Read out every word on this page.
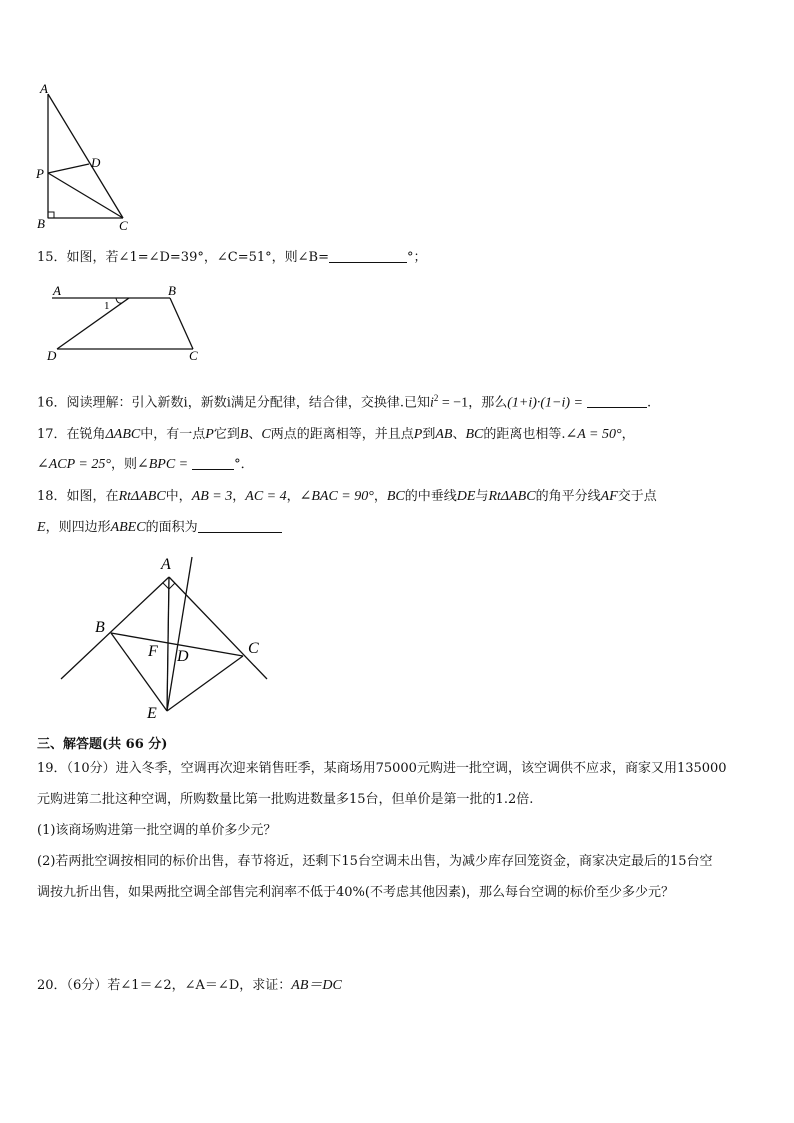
A
P
D
B	C
15．如图，若∠1=∠D=39°，∠C=51°，则∠B=	°；
1
A	B
D	C
16．阅读理解：引入新数i，新数i满足分配律，结合律，交换律.已知$i^2 = -1$，那么(1+i)·(1−i) =	.
17．在锐角ΔABC中，有一点P它到B、C两点的距离相等，并且点P到AB、BC的距离也相等.∠A = 50°，
∠ACP = 25°，则∠BPC =	°．
18．如图，在RtΔABC中，AB = 3，AC = 4，∠BAC = 90°，BC的中垂线DE与RtΔABC的角平分线AF交于点
E，则四边形ABEC的面积为
A
B
C
F D
E
三、解答题(共 66 分)
19．（10分）进入冬季，空调再次迎来销售旺季，某商场用75000元购进一批空调，该空调供不应求，商家又用135000
元购进第二批这种空调，所购数量比第一批购进数量多15台，但单价是第一批的1.2倍.
(1)该商场购进第一批空调的单价多少元？
(2)若两批空调按相同的标价出售，春节将近，还剩下15台空调未出售，为减少库存回笼资金，商家决定最后的15台空
调按九折出售，如果两批空调全部售完利润率不低于40%(不考虑其他因素)，那么每台空调的标价至少多少元？
20．（6分）若∠1＝∠2，∠A＝∠D，求证：AB＝DC
